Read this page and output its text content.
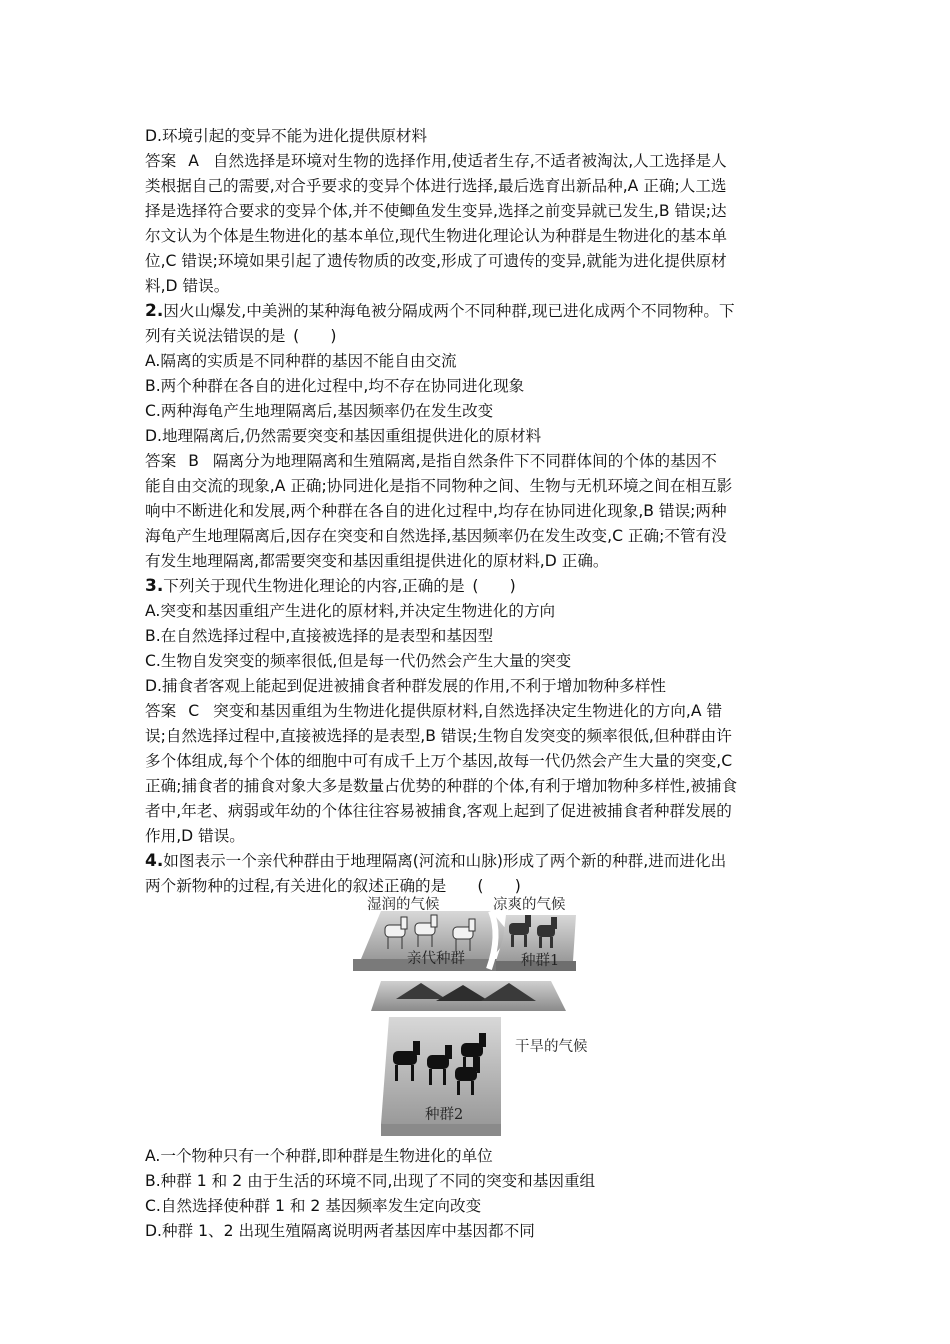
D.环境引起的变异不能为进化提供原材料
答案 A 自然选择是环境对生物的选择作用,使适者生存,不适者被淘汰,人工选择是人
类根据自己的需要,对合乎要求的变异个体进行选择,最后选育出新品种,A 正确;人工选
择是选择符合要求的变异个体,并不使鲫鱼发生变异,选择之前变异就已发生,B 错误;达
尔文认为个体是生物进化的基本单位,现代生物进化理论认为种群是生物进化的基本单
位,C 错误;环境如果引起了遗传物质的改变,形成了可遗传的变异,就能为进化提供原材
料,D 错误。
2.因火山爆发,中美洲的某种海龟被分隔成两个不同种群,现已进化成两个不同物种。下
列有关说法错误的是 (  )
A.隔离的实质是不同种群的基因不能自由交流
B.两个种群在各自的进化过程中,均不存在协同进化现象
C.两种海龟产生地理隔离后,基因频率仍在发生改变
D.地理隔离后,仍然需要突变和基因重组提供进化的原材料
答案 B 隔离分为地理隔离和生殖隔离,是指自然条件下不同群体间的个体的基因不
能自由交流的现象,A 正确;协同进化是指不同物种之间、生物与无机环境之间在相互影
响中不断进化和发展,两个种群在各自的进化过程中,均存在协同进化现象,B 错误;两种
海龟产生地理隔离后,因存在突变和自然选择,基因频率仍在发生改变,C 正确;不管有没
有发生地理隔离,都需要突变和基因重组提供进化的原材料,D 正确。
3.下列关于现代生物进化理论的内容,正确的是 (  )
A.突变和基因重组产生进化的原材料,并决定生物进化的方向
B.在自然选择过程中,直接被选择的是表型和基因型
C.生物自发突变的频率很低,但是每一代仍然会产生大量的突变
D.捕食者客观上能起到促进被捕食者种群发展的作用,不利于增加物种多样性
答案 C 突变和基因重组为生物进化提供原材料,自然选择决定生物进化的方向,A 错
误;自然选择过程中,直接被选择的是表型,B 错误;生物自发突变的频率很低,但种群由许
多个体组成,每个个体的细胞中可有成千上万个基因,故每一代仍然会产生大量的突变,C
正确;捕食者的捕食对象大多是数量占优势的种群的个体,有利于增加物种多样性,被捕食
者中,年老、病弱或年幼的个体往往容易被捕食,客观上起到了促进被捕食者种群发展的
作用,D 错误。
4.如图表示一个亲代种群由于地理隔离(河流和山脉)形成了两个新的种群,进而进化出
两个新物种的过程,有关进化的叙述正确的是  (  )
湿润的气候	凉爽的气候
亲代种群	种群1
干旱的气候
种群2
A.一个物种只有一个种群,即种群是生物进化的单位
B.种群 1 和 2 由于生活的环境不同,出现了不同的突变和基因重组
C.自然选择使种群 1 和 2 基因频率发生定向改变
D.种群 1、2 出现生殖隔离说明两者基因库中基因都不同
